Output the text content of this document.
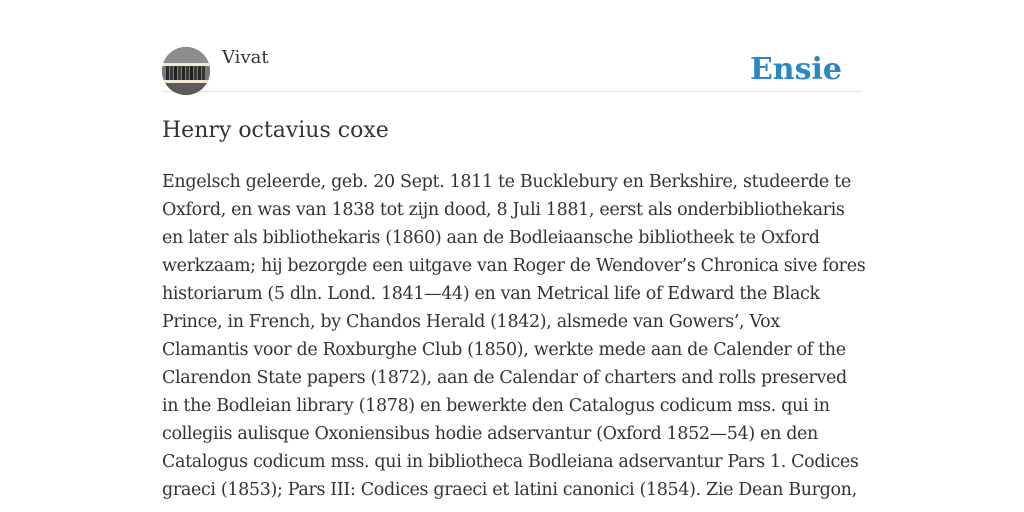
Vivat	Ensie
Henry octavius coxe

Engelsch geleerde, geb. 20 Sept. 1811 te Bucklebury en Berkshire, studeerde te Oxford, en was van 1838 tot zijn dood, 8 Juli 1881, eerst als onderbibliothekaris en later als bibliothekaris (1860) aan de Bodleiaansche bibliotheek te Oxford werkzaam; hij bezorgde een uitgave van Roger de Wendover’s Chronica sive fores historiarum (5 dln. Lond. 1841—44) en van Metrical life of Edward the Black Prince, in French, by Chandos Herald (1842), alsmede van Gowers’, Vox Clamantis voor de Roxburghe Club (1850), werkte mede aan de Calender of the Clarendon State papers (1872), aan de Calendar of charters and rolls preserved in the Bodleian library (1878) en bewerkte den Catalogus codicum mss. qui in collegiis aulisque Oxoniensibus hodie adservantur (Oxford 1852—54) en den Catalogus codicum mss. qui in bibliotheca Bodleiana adservantur Pars 1. Codices graeci (1853); Pars III: Codices graeci et latini canonici (1854). Zie Dean Burgon,
